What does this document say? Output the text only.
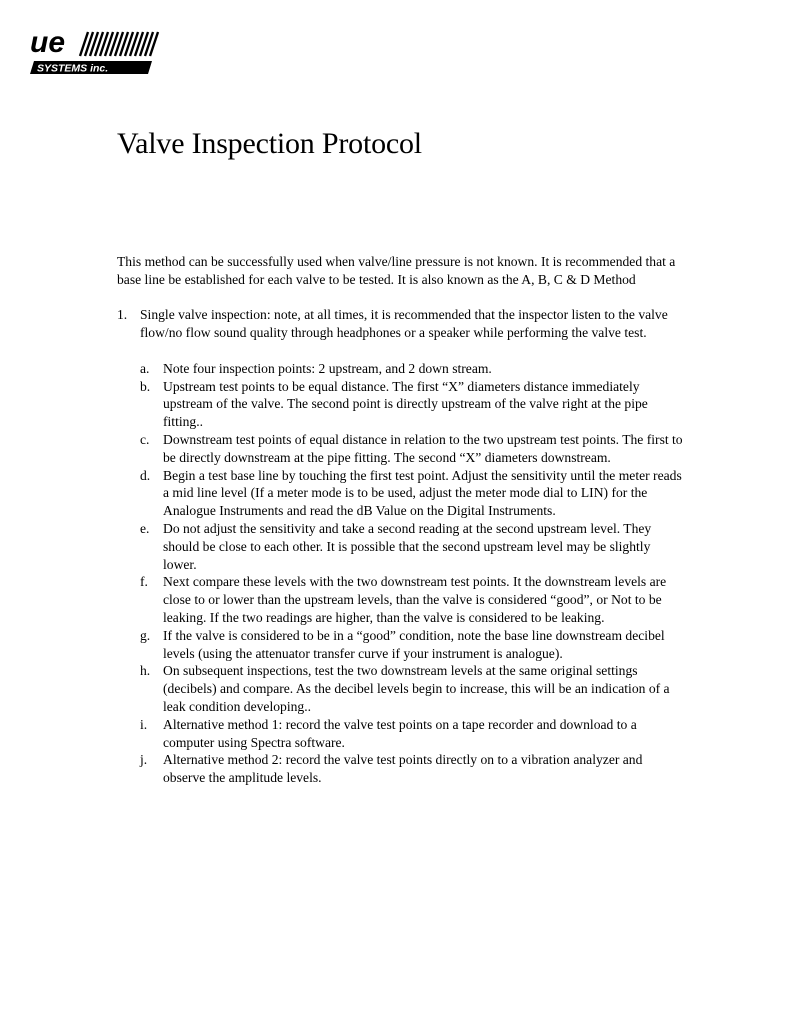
ue
SYSTEMS inc.
Valve Inspection Protocol

This method can be successfully used when valve/line pressure is not known. It is recommended that a base line be established for each valve to be tested. It is also known as the A, B, C & D Method

1. Single valve inspection: note, at all times, it is recommended that the inspector listen to the valve flow/no flow sound quality through headphones or a speaker while performing the valve test.

a. Note four inspection points: 2 upstream, and 2 down stream.
b. Upstream test points to be equal distance. The first “X” diameters distance immediately upstream of the valve. The second point is directly upstream of the valve right at the pipe fitting..
c. Downstream test points of equal distance in relation to the two upstream test points. The first to be directly downstream at the pipe fitting. The second “X” diameters downstream.
d. Begin a test base line by touching the first test point. Adjust the sensitivity until the meter reads a mid line level (If a meter mode is to be used, adjust the meter mode dial to LIN) for the Analogue Instruments and read the dB Value on the Digital Instruments.
e. Do not adjust the sensitivity and take a second reading at the second upstream level. They should be close to each other. It is possible that the second upstream level may be slightly lower.
f.	Next compare these levels with the two downstream test points. It the downstream levels are close to or lower than the upstream levels, than the valve is considered “good”, or Not to be leaking. If the two readings are higher, than the valve is considered to be leaking.
g. If the valve is considered to be in a “good” condition, note the base line downstream decibel levels (using the attenuator transfer curve if your instrument is analogue).
h. On subsequent inspections, test the two downstream levels at the same original settings (decibels) and compare. As the decibel levels begin to increase, this will be an indication of a leak condition developing..
i.	Alternative method 1: record the valve test points on a tape recorder and download to a computer using Spectra software.
j.	Alternative method 2: record the valve test points directly on to a vibration analyzer and observe the amplitude levels.
